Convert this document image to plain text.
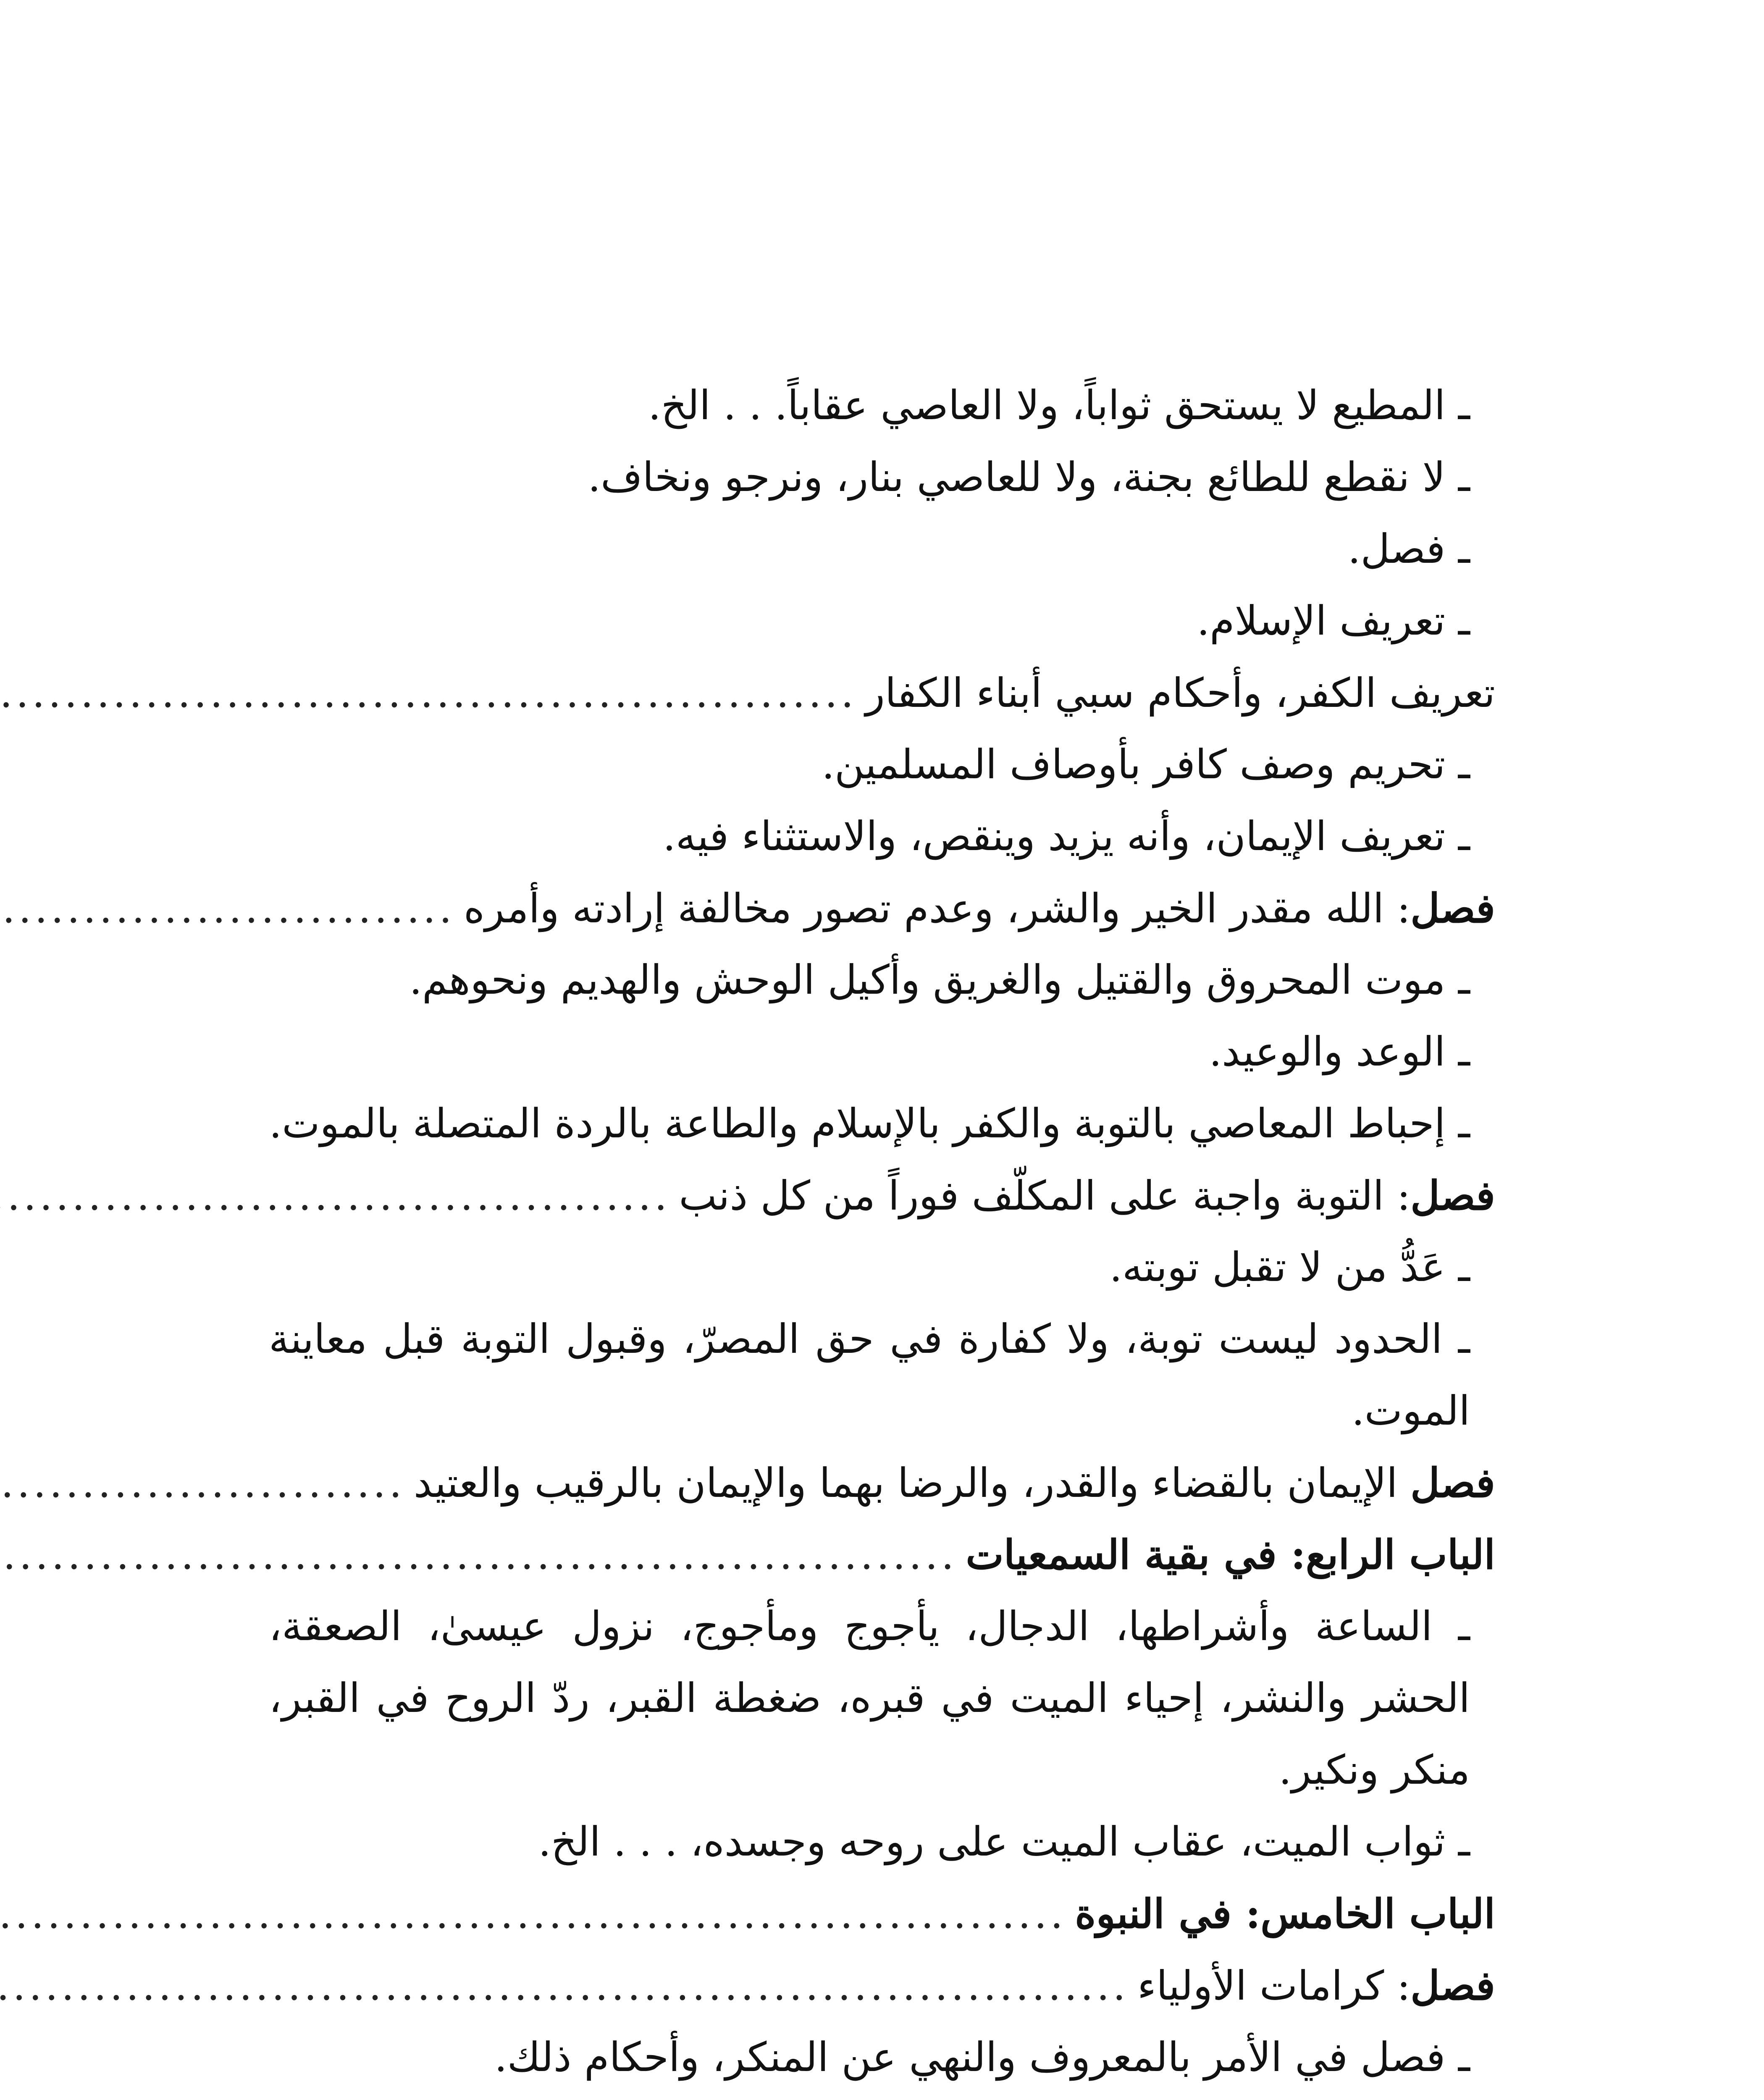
ـ المطيع لا يستحق ثواباً، ولا العاصي عقاباً. . . الخ.
ـ لا نقطع للطائع بجنة، ولا للعاصي بنار، ونرجو ونخاف.
ـ فصل.
ـ تعريف الإسلام.
تعريف الكفر، وأحكام سبي أبناء الكفار
.....
ـ تحريم وصف كافر بأوصاف المسلمين.
ـ تعريف الإيمان، وأنه يزيد وينقص، والاستثناء فيه.
فصل: الله مقدر الخير والشر، وعدم تصور مخالفة إرادته وأمره
.....
ـ موت المحروق والقتيل والغريق وأكيل الوحش والهديم ونحوهم.
ـ الوعد والوعيد.
ـ إحباط المعاصي بالتوبة والكفر بالإسلام والطاعة بالردة المتصلة بالموت.
فصل: التوبة واجبة على المكلّف فوراً من كل ذنب
.....
ـ عَدُّ من لا تقبل توبته.
ـ الحدود ليست توبة، ولا كفارة في حق المصرّ، وقبول التوبة قبل معاينة الموت.
فصل الإيمان بالقضاء والقدر، والرضا بهما والإيمان بالرقيب والعتيد
.....
الباب الرابع: في بقية السمعيات
.....
ـ الساعة وأشراطها، الدجال، يأجوج ومأجوج، نزول عيسىٰ، الصعقة، الحشر والنشر، إحياء الميت في قبره، ضغطة القبر، ردّ الروح في القبر، منكر ونكير.
ـ ثواب الميت، عقاب الميت على روحه وجسده، . . . الخ.
الباب الخامس: في النبوة
.....
فصل: كرامات الأولياء
.....
ـ فصل في الأمر بالمعروف والنهي عن المنكر، وأحكام ذلك.
.....
